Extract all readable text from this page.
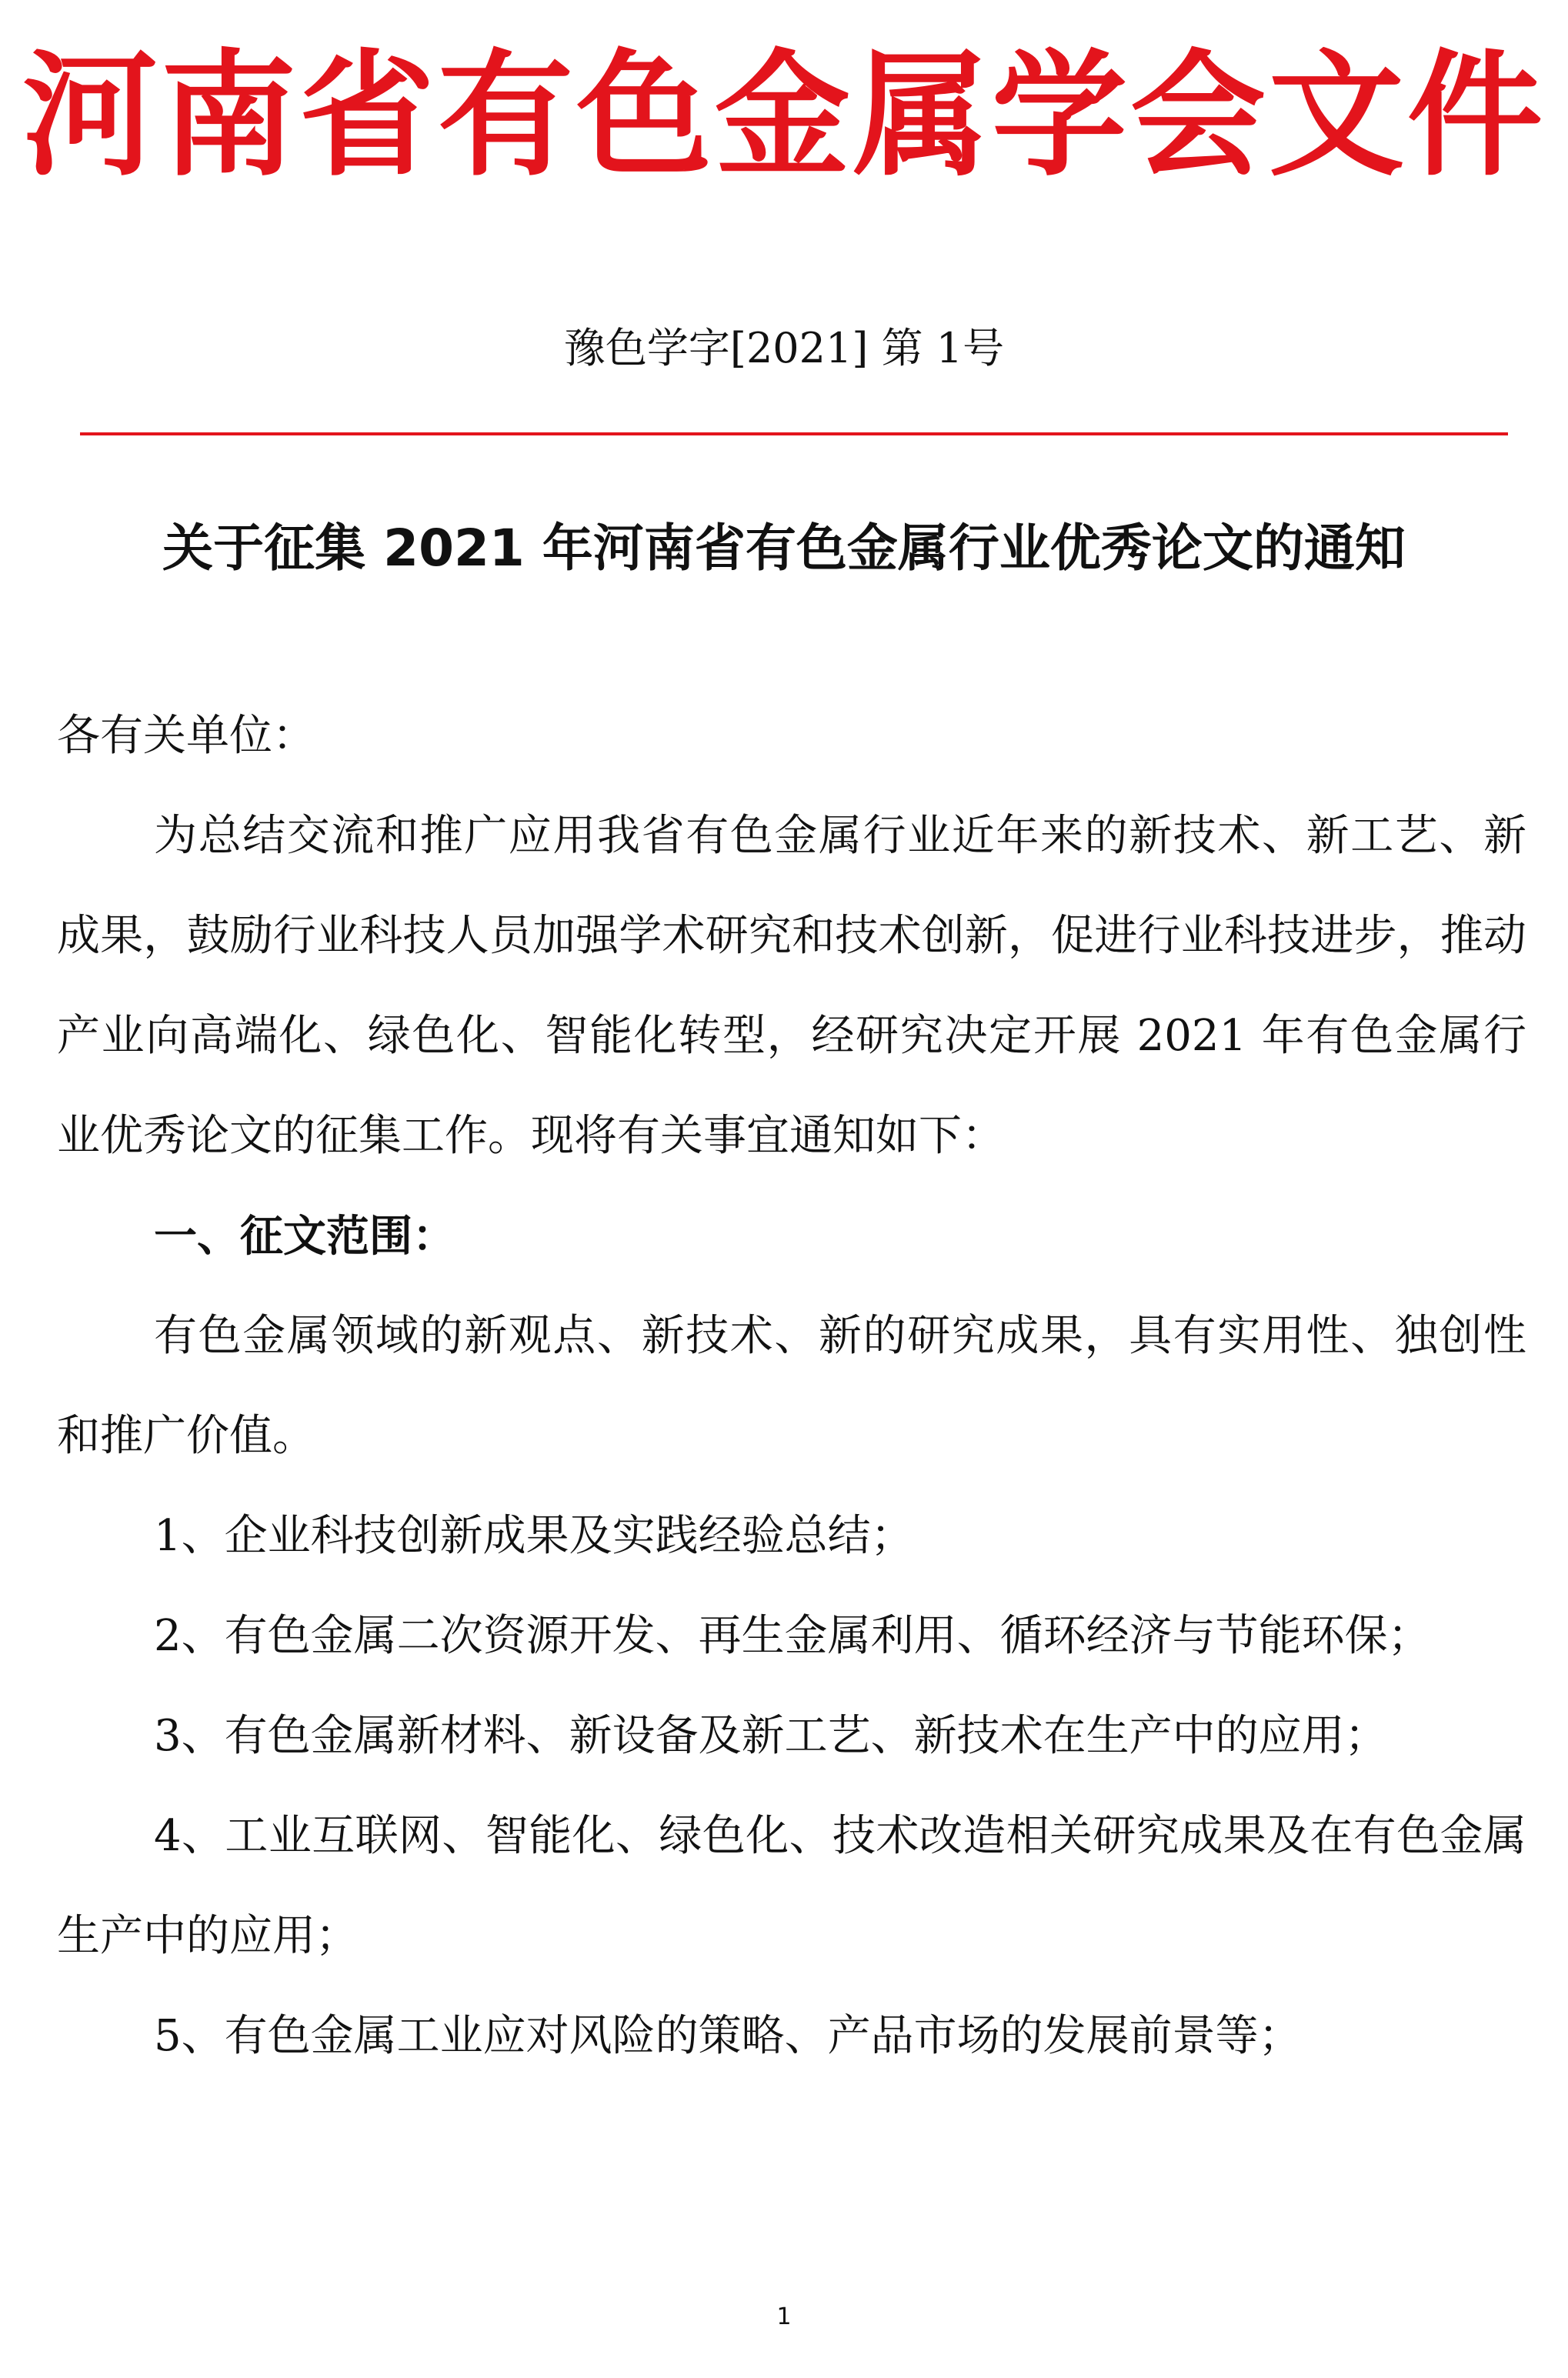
河南省有色金属学会文件
豫色学字[2021] 第 1号
关于征集 2021 年河南省有色金属行业优秀论文的通知

各有关单位：

为总结交流和推广应用我省有色金属行业近年来的新技术、新工艺、新成果，鼓励行业科技人员加强学术研究和技术创新，促进行业科技进步，推动产业向高端化、绿色化、智能化转型，经研究决定开展 2021 年有色金属行业优秀论文的征集工作。现将有关事宜通知如下：

一、征文范围：

有色金属领域的新观点、新技术、新的研究成果，具有实用性、独创性和推广价值。

1、企业科技创新成果及实践经验总结；

2、有色金属二次资源开发、再生金属利用、循环经济与节能环保；

3、有色金属新材料、新设备及新工艺、新技术在生产中的应用；

4、工业互联网、智能化、绿色化、技术改造相关研究成果及在有色金属生产中的应用；

5、有色金属工业应对风险的策略、产品市场的发展前景等；

1
